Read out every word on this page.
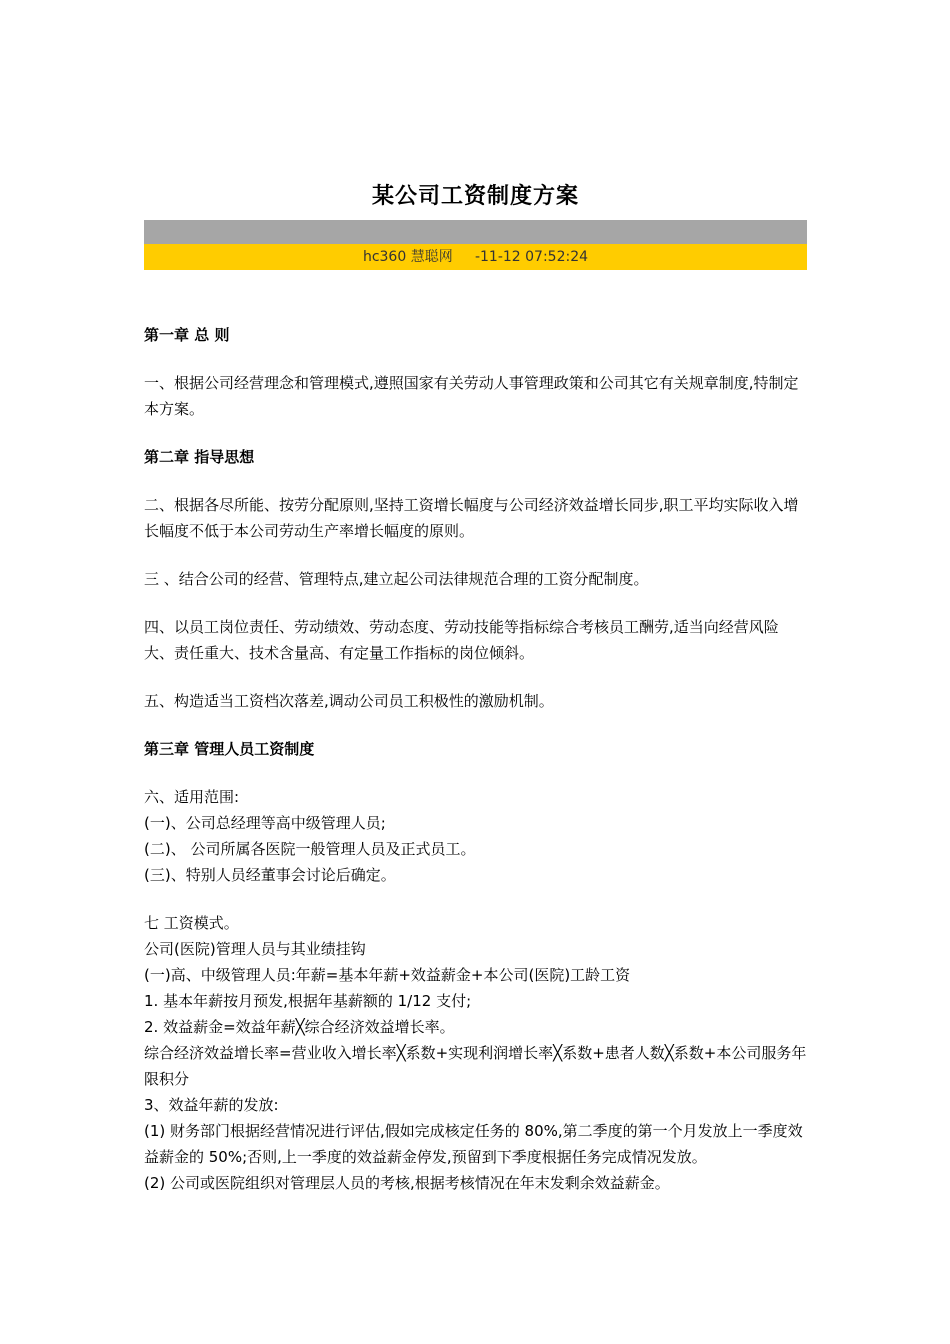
某公司工资制度方案
hc360 慧聪网 -11-12 07:52:24

第一章 总 则

一、根据公司经营理念和管理模式,遵照国家有关劳动人事管理政策和公司其它有关规章制度,特制定本方案。

第二章 指导思想

二、根据各尽所能、按劳分配原则,坚持工资增长幅度与公司经济效益增长同步,职工平均实际收入增长幅度不低于本公司劳动生产率增长幅度的原则。

三 、结合公司的经营、管理特点,建立起公司法律规范合理的工资分配制度。

四、以员工岗位责任、劳动绩效、劳动态度、劳动技能等指标综合考核员工酬劳,适当向经营风险大、责任重大、技术含量高、有定量工作指标的岗位倾斜。

五、构造适当工资档次落差,调动公司员工积极性的激励机制。

第三章 管理人员工资制度

六、适用范围:

(一)、公司总经理等高中级管理人员;

(二)、 公司所属各医院一般管理人员及正式员工。

(三)、特别人员经董事会讨论后确定。

七 工资模式。

公司(医院)管理人员与其业绩挂钩

(一)高、中级管理人员:年薪=基本年薪+效益薪金+本公司(医院)工龄工资

1. 基本年薪按月预发,根据年基薪额的 1/12 支付;

2. 效益薪金=效益年薪╳综合经济效益增长率。

综合经济效益增长率=营业收入增长率╳系数+实现利润增长率╳系数+患者人数╳系数+本公司服务年限积分

3、效益年薪的发放:

(1) 财务部门根据经营情况进行评估,假如完成核定任务的 80%,第二季度的第一个月发放上一季度效益薪金的 50%;否则,上一季度的效益薪金停发,预留到下季度根据任务完成情况发放。

(2) 公司或医院组织对管理层人员的考核,根据考核情况在年末发剩余效益薪金。
